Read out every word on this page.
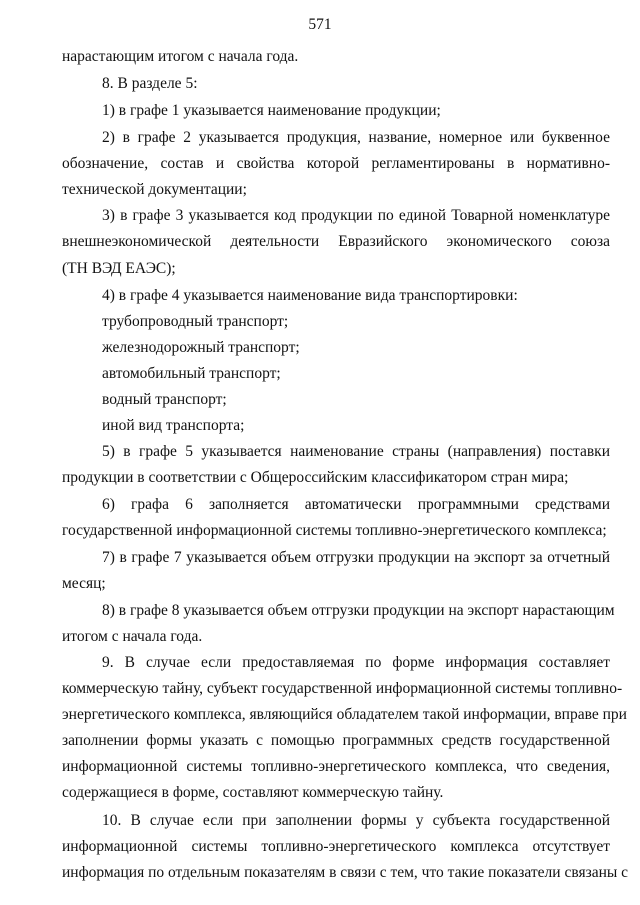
571
нарастающим итогом с начала года.
8. В разделе 5:
1) в графе 1 указывается наименование продукции;
2) в графе 2 указывается продукция, название, номерное или буквенное
обозначение, состав и свойства которой регламентированы в нормативно-
технической документации;
3) в графе 3 указывается код продукции по единой Товарной номенклатуре
внешнеэкономической деятельности Евразийского экономического союза
(ТН ВЭД ЕАЭС);
4) в графе 4 указывается наименование вида транспортировки:
трубопроводный транспорт;
железнодорожный транспорт;
автомобильный транспорт;
водный транспорт;
иной вид транспорта;
5) в графе 5 указывается наименование страны (направления) поставки
продукции в соответствии с Общероссийским классификатором стран мира;
6) графа 6 заполняется автоматически программными средствами
государственной информационной системы топливно-энергетического комплекса;
7) в графе 7 указывается объем отгрузки продукции на экспорт за отчетный
месяц;
8) в графе 8 указывается объем отгрузки продукции на экспорт нарастающим
итогом с начала года.
9. В случае если предоставляемая по форме информация составляет
коммерческую тайну, субъект государственной информационной системы топливно-
энергетического комплекса, являющийся обладателем такой информации, вправе при
заполнении формы указать с помощью программных средств государственной
информационной системы топливно-энергетического комплекса, что сведения,
содержащиеся в форме, составляют коммерческую тайну.
10. В случае если при заполнении формы у субъекта государственной
информационной системы топливно-энергетического комплекса отсутствует
информация по отдельным показателям в связи с тем, что такие показатели связаны с
